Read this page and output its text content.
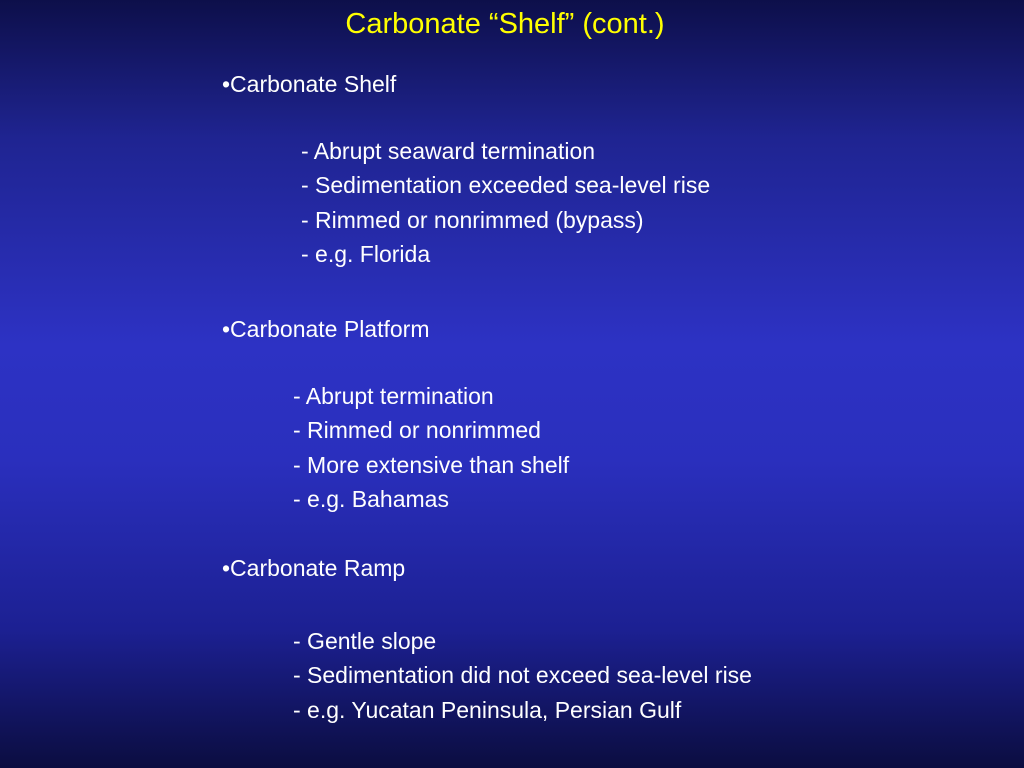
Carbonate “Shelf” (cont.)
•Carbonate Shelf
- Abrupt seaward termination
- Sedimentation exceeded sea-level rise
- Rimmed or nonrimmed (bypass)
- e.g. Florida
•Carbonate Platform
- Abrupt termination
- Rimmed or nonrimmed
- More extensive than shelf
- e.g. Bahamas
•Carbonate Ramp
- Gentle slope
- Sedimentation did not exceed sea-level rise
- e.g. Yucatan Peninsula, Persian Gulf
